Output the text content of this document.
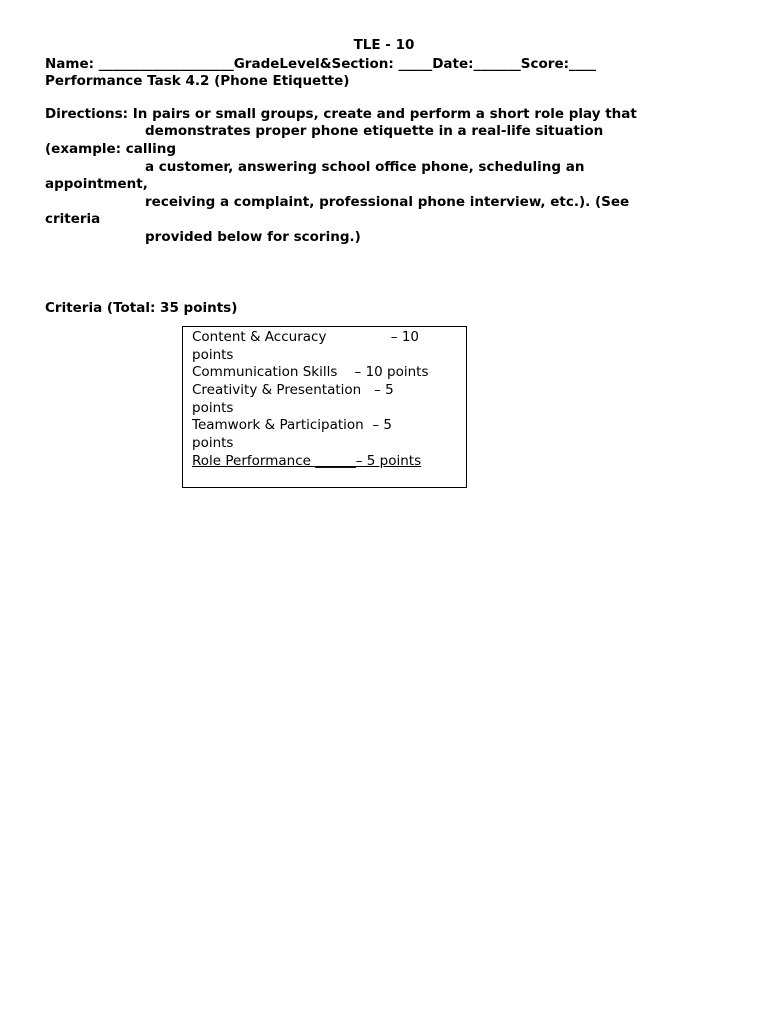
TLE - 10
Name: ____________________GradeLevel&Section: _____Date:_______Score:____
Performance Task 4.2 (Phone Etiquette)
Directions: In pairs or small groups, create and perform a short role play that
demonstrates proper phone etiquette in a real-life situation
(example: calling
a customer, answering school office phone, scheduling an
appointment,
receiving a complaint, professional phone interview, etc.). (See
criteria
provided below for scoring.)
Criteria (Total: 35 points)
Content & Accuracy               – 10
points
Communication Skills    – 10 points
Creativity & Presentation   – 5
points
Teamwork & Participation  – 5
points
Role Performance ______– 5 points
